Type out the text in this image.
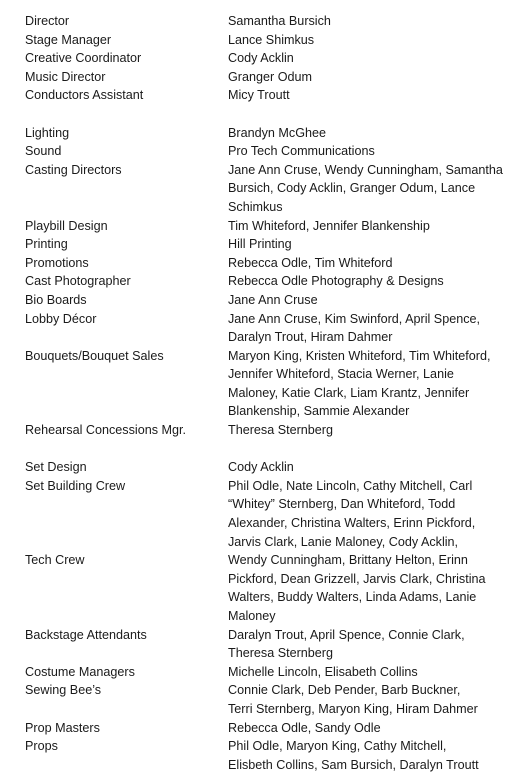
Director	Samantha Bursich
Stage Manager	Lance Shimkus
Creative Coordinator	Cody Acklin
Music Director	Granger Odum
Conductors Assistant	Micy Troutt
Lighting	Brandyn McGhee
Sound	Pro Tech Communications
Casting Directors	Jane Ann Cruse, Wendy Cunningham, Samantha
Bursich, Cody Acklin, Granger Odum, Lance
Schimkus
Playbill Design	Tim Whiteford, Jennifer Blankenship
Printing	Hill Printing
Promotions	Rebecca Odle, Tim Whiteford
Cast Photographer	Rebecca Odle Photography & Designs
Bio Boards	Jane Ann Cruse
Lobby Décor	Jane Ann Cruse, Kim Swinford, April Spence,
Daralyn Trout, Hiram Dahmer
Bouquets/Bouquet Sales	Maryon King, Kristen Whiteford, Tim Whiteford,
Jennifer Whiteford, Stacia Werner, Lanie
Maloney, Katie Clark, Liam Krantz, Jennifer
Blankenship, Sammie Alexander
Rehearsal Concessions Mgr.	Theresa Sternberg
Set Design	Cody Acklin
Set Building Crew	Phil Odle, Nate Lincoln, Cathy Mitchell, Carl
“Whitey” Sternberg, Dan Whiteford, Todd
Alexander, Christina Walters, Erinn Pickford,
Jarvis Clark, Lanie Maloney, Cody Acklin,
Tech Crew	Wendy Cunningham, Brittany Helton, Erinn
Pickford, Dean Grizzell, Jarvis Clark, Christina
Walters, Buddy Walters, Linda Adams, Lanie
Maloney
Backstage Attendants	Daralyn Trout, April Spence, Connie Clark,
Theresa Sternberg
Costume Managers	Michelle Lincoln, Elisabeth Collins
Sewing Bee’s	Connie Clark, Deb Pender, Barb Buckner,
Terri Sternberg, Maryon King, Hiram Dahmer
Prop Masters	Rebecca Odle, Sandy Odle
Props	Phil Odle, Maryon King, Cathy Mitchell,
Elisbeth Collins, Sam Bursich, Daralyn Troutt
